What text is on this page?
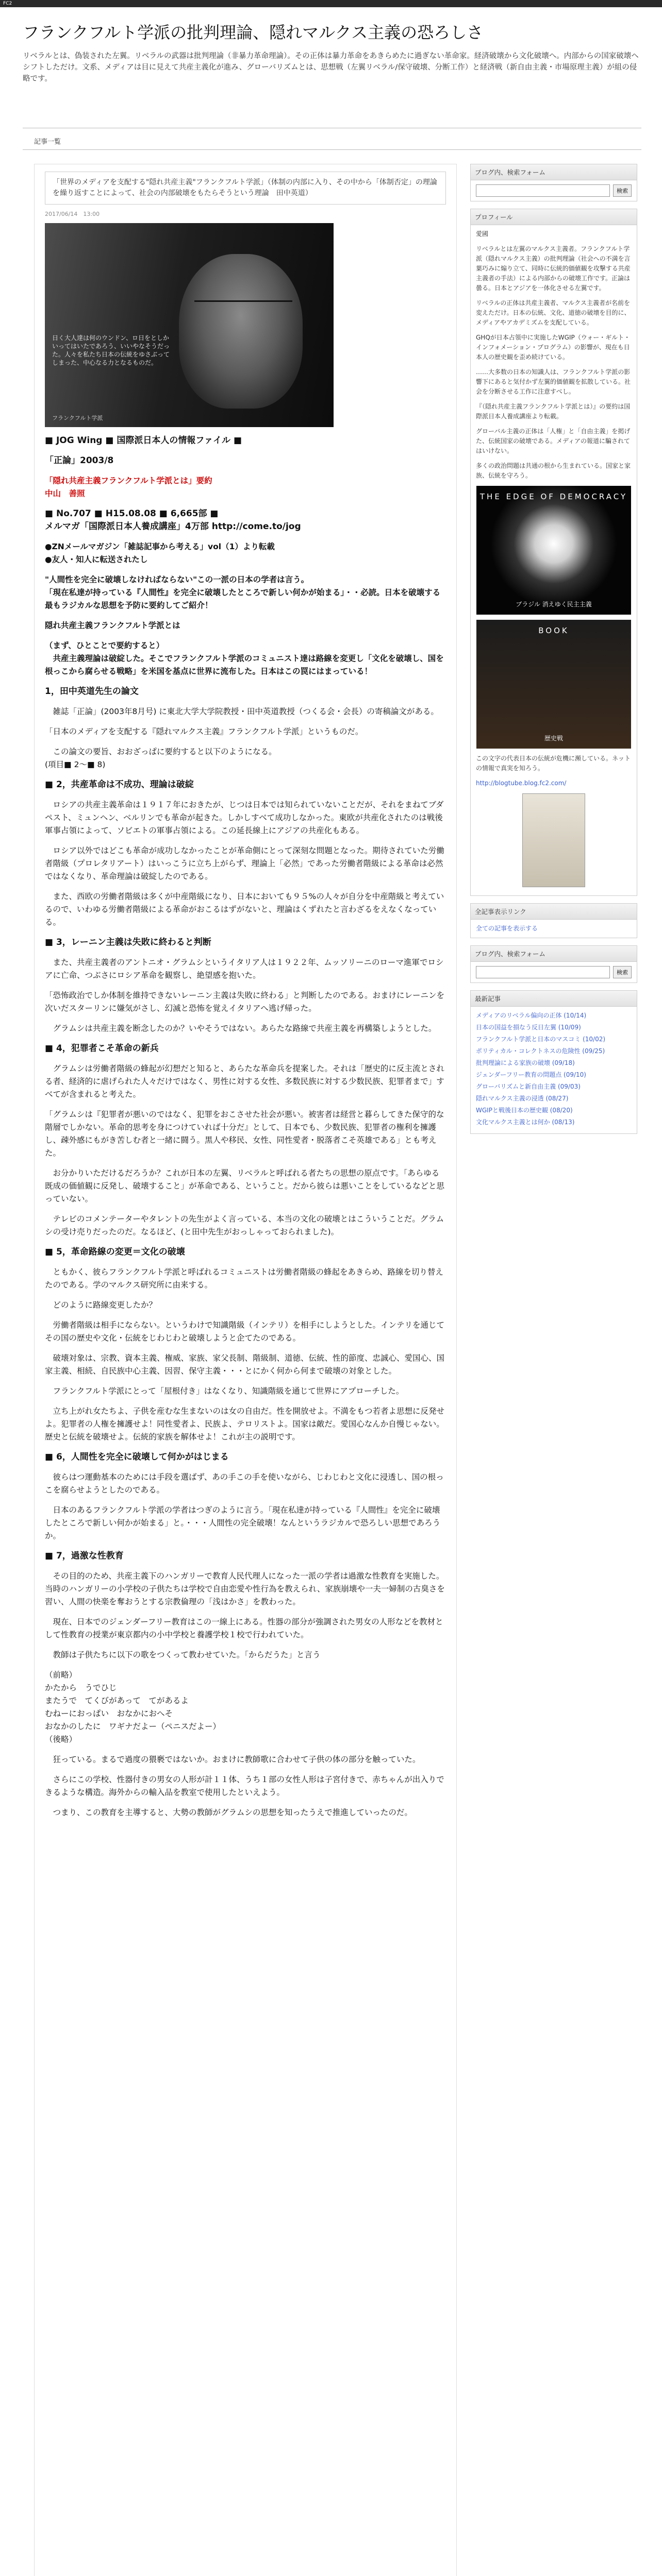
FC2
フランクフルト学派の批判理論、隠れマルクス主義の恐ろしさ

リベラルとは、偽装された左翼。リベラルの武器は批判理論（非暴力革命理論）。その正体は暴力革命をあきらめたに過ぎない革命家。経済破壊から文化破壊へ。内部からの国家破壊ヘシフトしただけ。文系、メディアは目に見えて共産主義化が進み、グローバリズムとは、思想戦（左翼リベラル/保守破壊、分断工作）と経済戦（新自由主義・市場原理主義）が組の侵略です。

記事一覧
「世界のメディアを支配する"隠れ共産主義"フランクフルト学派」（体制の内部に入り、その中から「体制否定」の理論を繰り返すことによって、社会の内部破壊をもたらそうという理論　田中英道）
2017/06/14　13:00
日く大人達は何のウンドン、ロ日をとしかいってはいたであろう、いいやなそうだった。人々を私たち日本の伝統をゆさぶってしまった、中心なる力となるものだ。
フランクフルト学派

■ JOG Wing ■ 国際派日本人の情報ファイル ■

「正論」2003/8

「隠れ共産主義フランクフルト学派とは」要約
中山　善照

■ No.707 ■ H15.08.08 ■ 6,665部 ■
メルマガ「国際派日本人養成講座」4万部 http://come.to/jog

●ZNメールマガジン「雑誌記事から考える」vol（1）より転載
●友人・知人に転送されたし

"人間性を完全に破壊しなければならない"この一派の日本の学者は言う。
「現在私達が持っている『人間性』を完全に破壊したところで新しい何かが始まる」・・必読。日本を破壊する最もラジカルな思想を予防に要約してご紹介！

隠れ共産主義フランクフルト学派とは

（まず、ひとことで要約すると）
　共産主義理論は破綻した。そこでフランクフルト学派のコミュニスト達は路線を変更し「文化を破壊し、国を根っこから腐らせる戦略」を米国を基点に世界に流布した。日本はこの罠にはまっている！

1，田中英道先生の論文

　雑誌「正論」(2003年8月号) に東北大学大学院教授・田中英道教授（つくる会・会長）の寄稿論文がある。

「日本のメディアを支配する『隠れマルクス主義』フランクフルト学派」というものだ。

　この論文の要旨、おおざっぱに要約すると以下のようになる。
(項目■ 2〜■ 8)

■ 2，共産革命は不成功、理論は破綻

　ロシアの共産主義革命は１９１７年におきたが、じつは日本では知られていないことだが、それをまねてブダペスト、ミュンヘン、ベルリンでも革命が起きた。しかしすべて成功しなかった。東欧が共産化されたのは戦後軍事占領によって、ソビエトの軍事占領による。この延長線上にアジアの共産化もある。

　ロシア以外ではどこも革命が成功しなかったことが革命側にとって深刻な問題となった。期待されていた労働者階級（プロレタリアート）はいっこうに立ち上がらず、理論上「必然」であった労働者階級による革命は必然ではなくなり、革命理論は破綻したのである。

　また、西欧の労働者階級は多くが中産階級になり、日本においても９５%の人々が自分を中産階級と考えているので、いわゆる労働者階級による革命がおこるはずがないと、理論はくずれたと言わざるをえなくなっている。

■ 3，レーニン主義は失敗に終わると判断

　また、共産主義者のアントニオ・グラムシというイタリア人は１９２２年、ムッソリーニのローマ進軍でロシアに亡命、つぶさにロシア革命を観察し、絶望感を抱いた。

「恐怖政治でしか体制を維持できないレーニン主義は失敗に終わる」と判断したのである。おまけにレーニンを次いだスターリンに嫌気がさし、幻滅と恐怖を覚えイタリアへ逃げ帰った。

　グラムシは共産主義を断念したのか？いやそうではない。あらたな路線で共産主義を再構築しようとした。

■ 4，犯罪者こそ革命の新兵

　グラムシは労働者階級の蜂起が幻想だと知ると、あらたな革命兵を提案した。それは「歴史的に反主流とされる者、経済的に虐げられた人々だけではなく、男性に対する女性、多数民族に対する少数民族、犯罪者まで」すべてが含まれると考えた。

「グラムシは『犯罪者が悪いのではなく、犯罪をおこさせた社会が悪い。被害者は経営と暮らしてきた保守的な階層でしかない。革命的思考を身につけていれば十分だ』として、日本でも、少数民族、犯罪者の権利を擁護し、疎外感にもがき苦しむ者と一緒に闘う。黒人や移民、女性、同性愛者・脱落者こそ英雄である」とも考えた。

　お分かりいただけるだろうか？これが日本の左翼、リベラルと呼ばれる者たちの思想の原点です。「あらゆる既成の価値観に反発し、破壊すること」が革命である、ということ。だから彼らは悪いことをしているなどと思っていない。

　テレビのコメンテーターやタレントの先生がよく言っている、本当の文化の破壊とはこういうことだ。グラムシの受け売りだったのだ。なるほど、(と田中先生がおっしゃっておられました)。

■ 5，革命路線の変更＝文化の破壊

　ともかく、彼らフランクフルト学派と呼ばれるコミュニストは労働者階級の蜂起をあきらめ、路線を切り替えたのである。学のマルクス研究所に由来する。

　どのように路線変更したか？

　労働者階級は相手にならない。というわけで知識階級（インテリ）を相手にしようとした。インテリを通じてその国の歴史や文化・伝統をじわじわと破壊しようと企てたのである。

　破壊対象は、宗教、資本主義、権威、家族、家父長制、階級制、道徳、伝統、性的節度、忠誠心、愛国心、国家主義、相続、自民族中心主義、因習、保守主義・・・とにかく何から何まで破壊の対象とした。

　フランクフルト学派にとって「屋根付き」はなくなり、知識階級を通じて世界にアプローチした。

　立ち上がれ女たちよ、子供を産むな生まないのは女の自由だ。性を開放せよ。不満をもつ若者よ思想に反発せよ。犯罪者の人権を擁護せよ！同性愛者よ、民族よ、テロリストよ。国家は敵だ。愛国心なんか自慢じゃない。歴史と伝統を破壊せよ。伝統的家族を解体せよ！これが主の説明です。

■ 6，人間性を完全に破壊して何かがはじまる

　彼らはつ運動基本のためには手段を選ばず、あの手この手を使いながら、じわじわと文化に浸透し、国の根っこを腐らせようとしたのである。

　日本のあるフランクフルト学派の学者はつぎのように言う。「現在私達が持っている『人間性』を完全に破壊したところで新しい何かが始まる」と。・・・人間性の完全破壊！なんというラジカルで恐ろしい思想であろうか。

■ 7，過激な性教育

　その目的のため、共産主義下のハンガリーで教育人民代理人になった一派の学者は過激な性教育を実施した。当時のハンガリーの小学校の子供たちは学校で自由恋愛や性行為を教えられ、家族崩壊や一夫一婦制の古臭さを習い、人間の快楽を奪おうとする宗教倫理の「浅はかさ」を教わった。

　現在、日本でのジェンダーフリー教育はこの一線上にある。性器の部分が強調された男女の人形などを教材として性教育の授業が東京都内の小中学校と養護学校１校で行われていた。

　教師は子供たちに以下の歌をつくって教わせていた。「からだうた」と言う

（前略）
かたから　うでひじ
またうで　てくびがあって　てがあるよ
むねーにおっぱい　おなかにおへそ
おなかのしたに　ワギナだよー（ペニスだよー）
（後略）

　狂っている。まるで過度の猥褻ではないか。おまけに教師歌に合わせて子供の体の部分を触っていた。

　さらにこの学校、性器付きの男女の人形が計１１体、うち１部の女性人形は子宮付きで、赤ちゃんが出入りできるような構造。海外からの輸入品を教室で使用したといえよう。

　つまり、この教育を主導すると、大勢の教師がグラムシの思想を知ったうえで推進していったのだ。

ブログ内、検索フォーム
検索
プロフィール

愛國

リベラルとは左翼のマルクス主義者。フランクフルト学派（隠れマルクス主義）の批判理論（社会への不満を言葉巧みに煽り立て、同時に伝統的価値観を攻撃する共産主義者の手法）による内部からの破壊工作です。正論は曇る。日本とアジアを一体化させる左翼です。

リベラルの正体は共産主義者、マルクス主義者が名前を変えただけ。日本の伝統、文化、道徳の破壊を目的に、メディアやアカデミズムを支配している。

GHQが日本占領中に実施したWGIP（ウォー・ギルト・インフォメーション・プログラム）の影響が、現在も日本人の歴史観を歪め続けている。

……大多数の日本の知識人は、フランクフルト学派の影響下にあると気付かず左翼的価値観を拡散している。社会を分断させる工作に注意すべし。

『（隠れ共産主義フランクフルト学派とは）』の要約は国際派日本人養成講座より転載。

グローバル主義の正体は「人権」と「自由主義」を掲げた、伝統国家の破壊である。メディアの報道に騙されてはいけない。

多くの政治問題は共通の根から生まれている。国家と家族、伝統を守ろう。

THE EDGE OF DEMOCRACY
ブラジル 消えゆく民主主義
BOOK
歴史戦

この文字の代表日本の伝統が危機に瀕している。ネットの情報で真実を知ろう。

http://blogtube.blog.fc2.com/

全記事表示リンク
全ての記事を表示する
ブログ内、検索フォーム
検索
最新記事
メディアのリベラル偏向の正体 (10/14)
日本の国益を損なう反日左翼 (10/09)
フランクフルト学派と日本のマスコミ (10/02)
ポリティカル・コレクトネスの危険性 (09/25)
批判理論による家族の破壊 (09/18)
ジェンダーフリー教育の問題点 (09/10)
グローバリズムと新自由主義 (09/03)
隠れマルクス主義の浸透 (08/27)
WGIPと戦後日本の歴史観 (08/20)
文化マルクス主義とは何か (08/13)
